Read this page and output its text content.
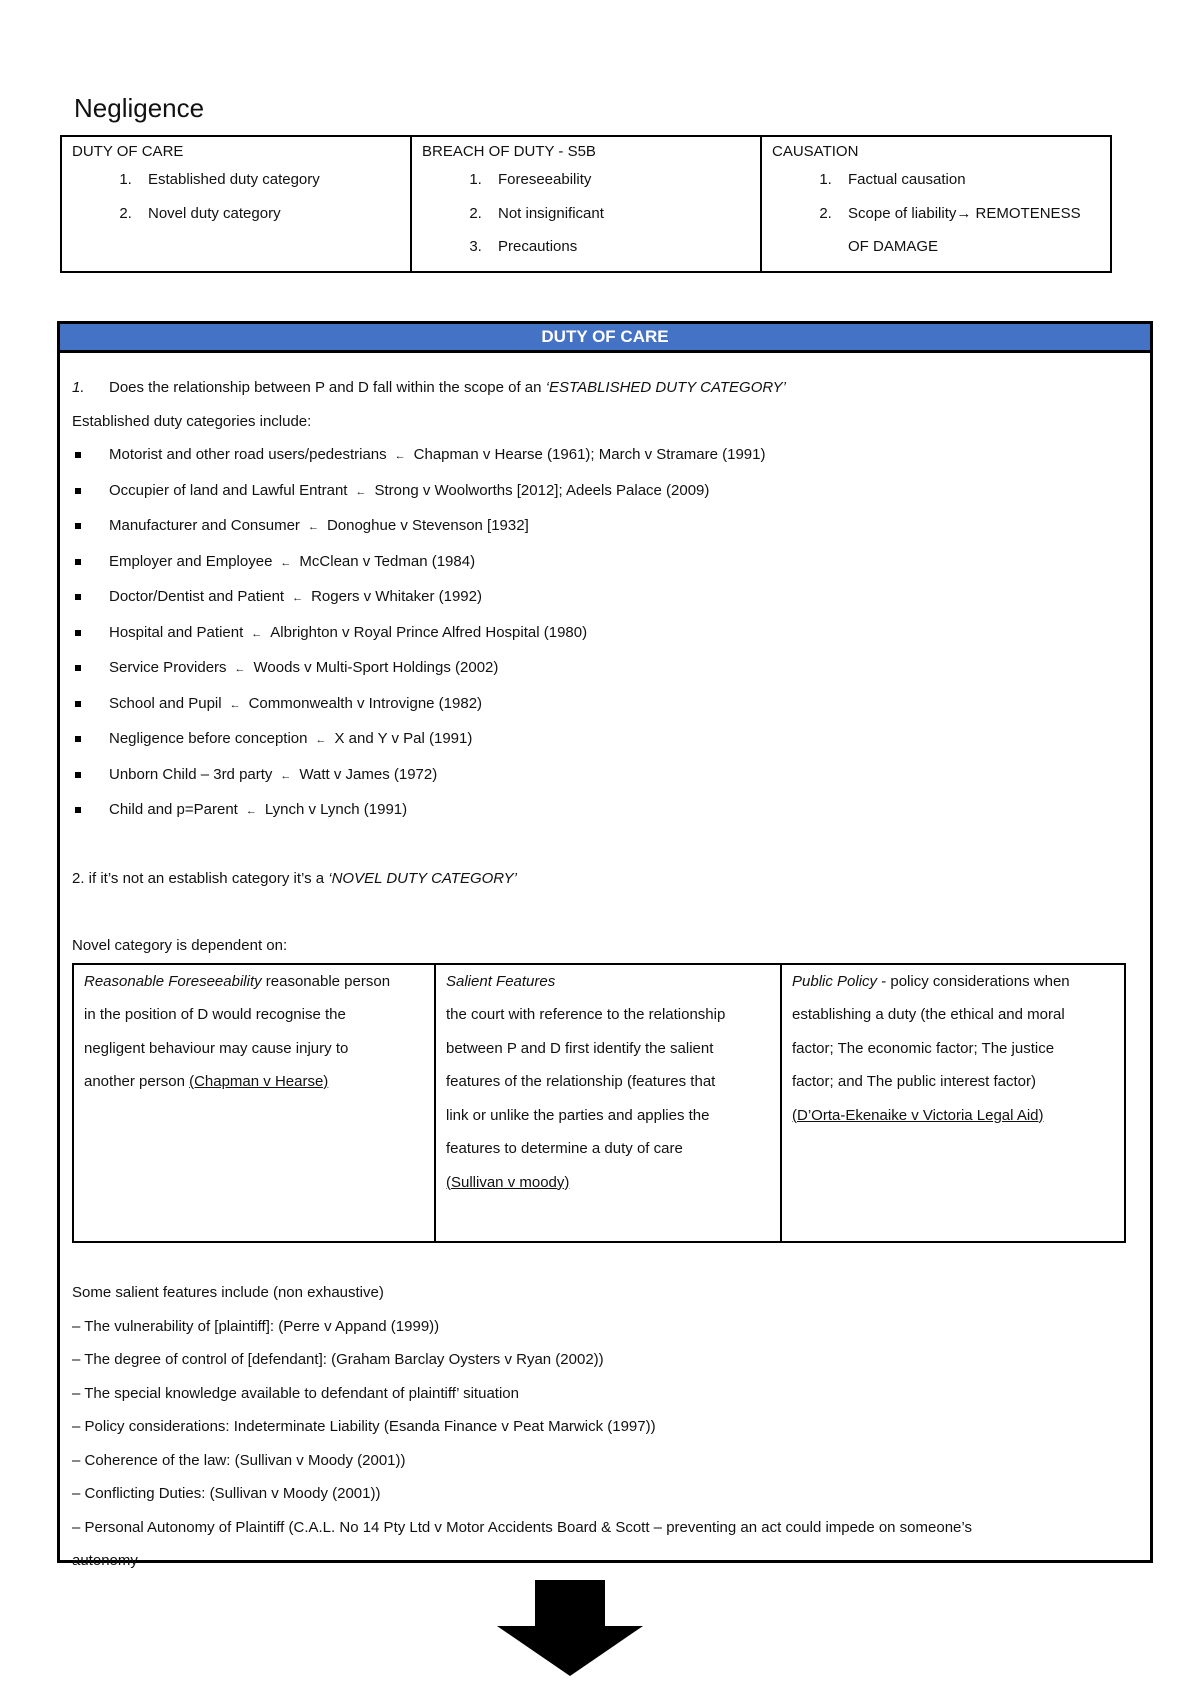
Negligence
DUTY OF CARE
1. Established duty category
2. Novel duty category
BREACH OF DUTY - S5B
1. Foreseeability
2. Not insignificant
3. Precautions
CAUSATION
1. Factual causation
2. Scope of liability→ REMOTENESS OF DAMAGE
DUTY OF CARE
1. Does the relationship between P and D fall within the scope of an ‘ESTABLISHED DUTY CATEGORY’
Established duty categories include:
Motorist and other road users/pedestrians ← Chapman v Hearse (1961); March v Stramare (1991)
Occupier of land and Lawful Entrant ← Strong v Woolworths [2012]; Adeels Palace (2009)
Manufacturer and Consumer ← Donoghue v Stevenson [1932]
Employer and Employee ← McClean v Tedman (1984)
Doctor/Dentist and Patient ← Rogers v Whitaker (1992)
Hospital and Patient ← Albrighton v Royal Prince Alfred Hospital (1980)
Service Providers ← Woods v Multi-Sport Holdings (2002)
School and Pupil ← Commonwealth v Introvigne (1982)
Negligence before conception ← X and Y v Pal (1991)
Unborn Child – 3rd party ← Watt v James (1972)
Child and p=Parent ← Lynch v Lynch (1991)
2. if it’s not an establish category it’s a ‘NOVEL DUTY CATEGORY’
Novel category is dependent on:
Reasonable Foreseeability reasonable person
in the position of D would recognise the
negligent behaviour may cause injury to
another person (Chapman v Hearse)
Salient Features
the court with reference to the relationship
between P and D first identify the salient
features of the relationship (features that
link or unlike the parties and applies the
features to determine a duty of care
(Sullivan v moody)
Public Policy - policy considerations when
establishing a duty (the ethical and moral
factor; The economic factor; The justice
factor; and The public interest factor)
(D’Orta-Ekenaike v Victoria Legal Aid)
Some salient features include (non exhaustive)
– The vulnerability of [plaintiff]: (Perre v Appand (1999))
– The degree of control of [defendant]: (Graham Barclay Oysters v Ryan (2002))
– The special knowledge available to defendant of plaintiff’ situation
– Policy considerations: Indeterminate Liability (Esanda Finance v Peat Marwick (1997))
– Coherence of the law: (Sullivan v Moody (2001))
– Conflicting Duties: (Sullivan v Moody (2001))
– Personal Autonomy of Plaintiff (C.A.L. No 14 Pty Ltd v Motor Accidents Board & Scott – preventing an act could impede on someone’s
autonomy
